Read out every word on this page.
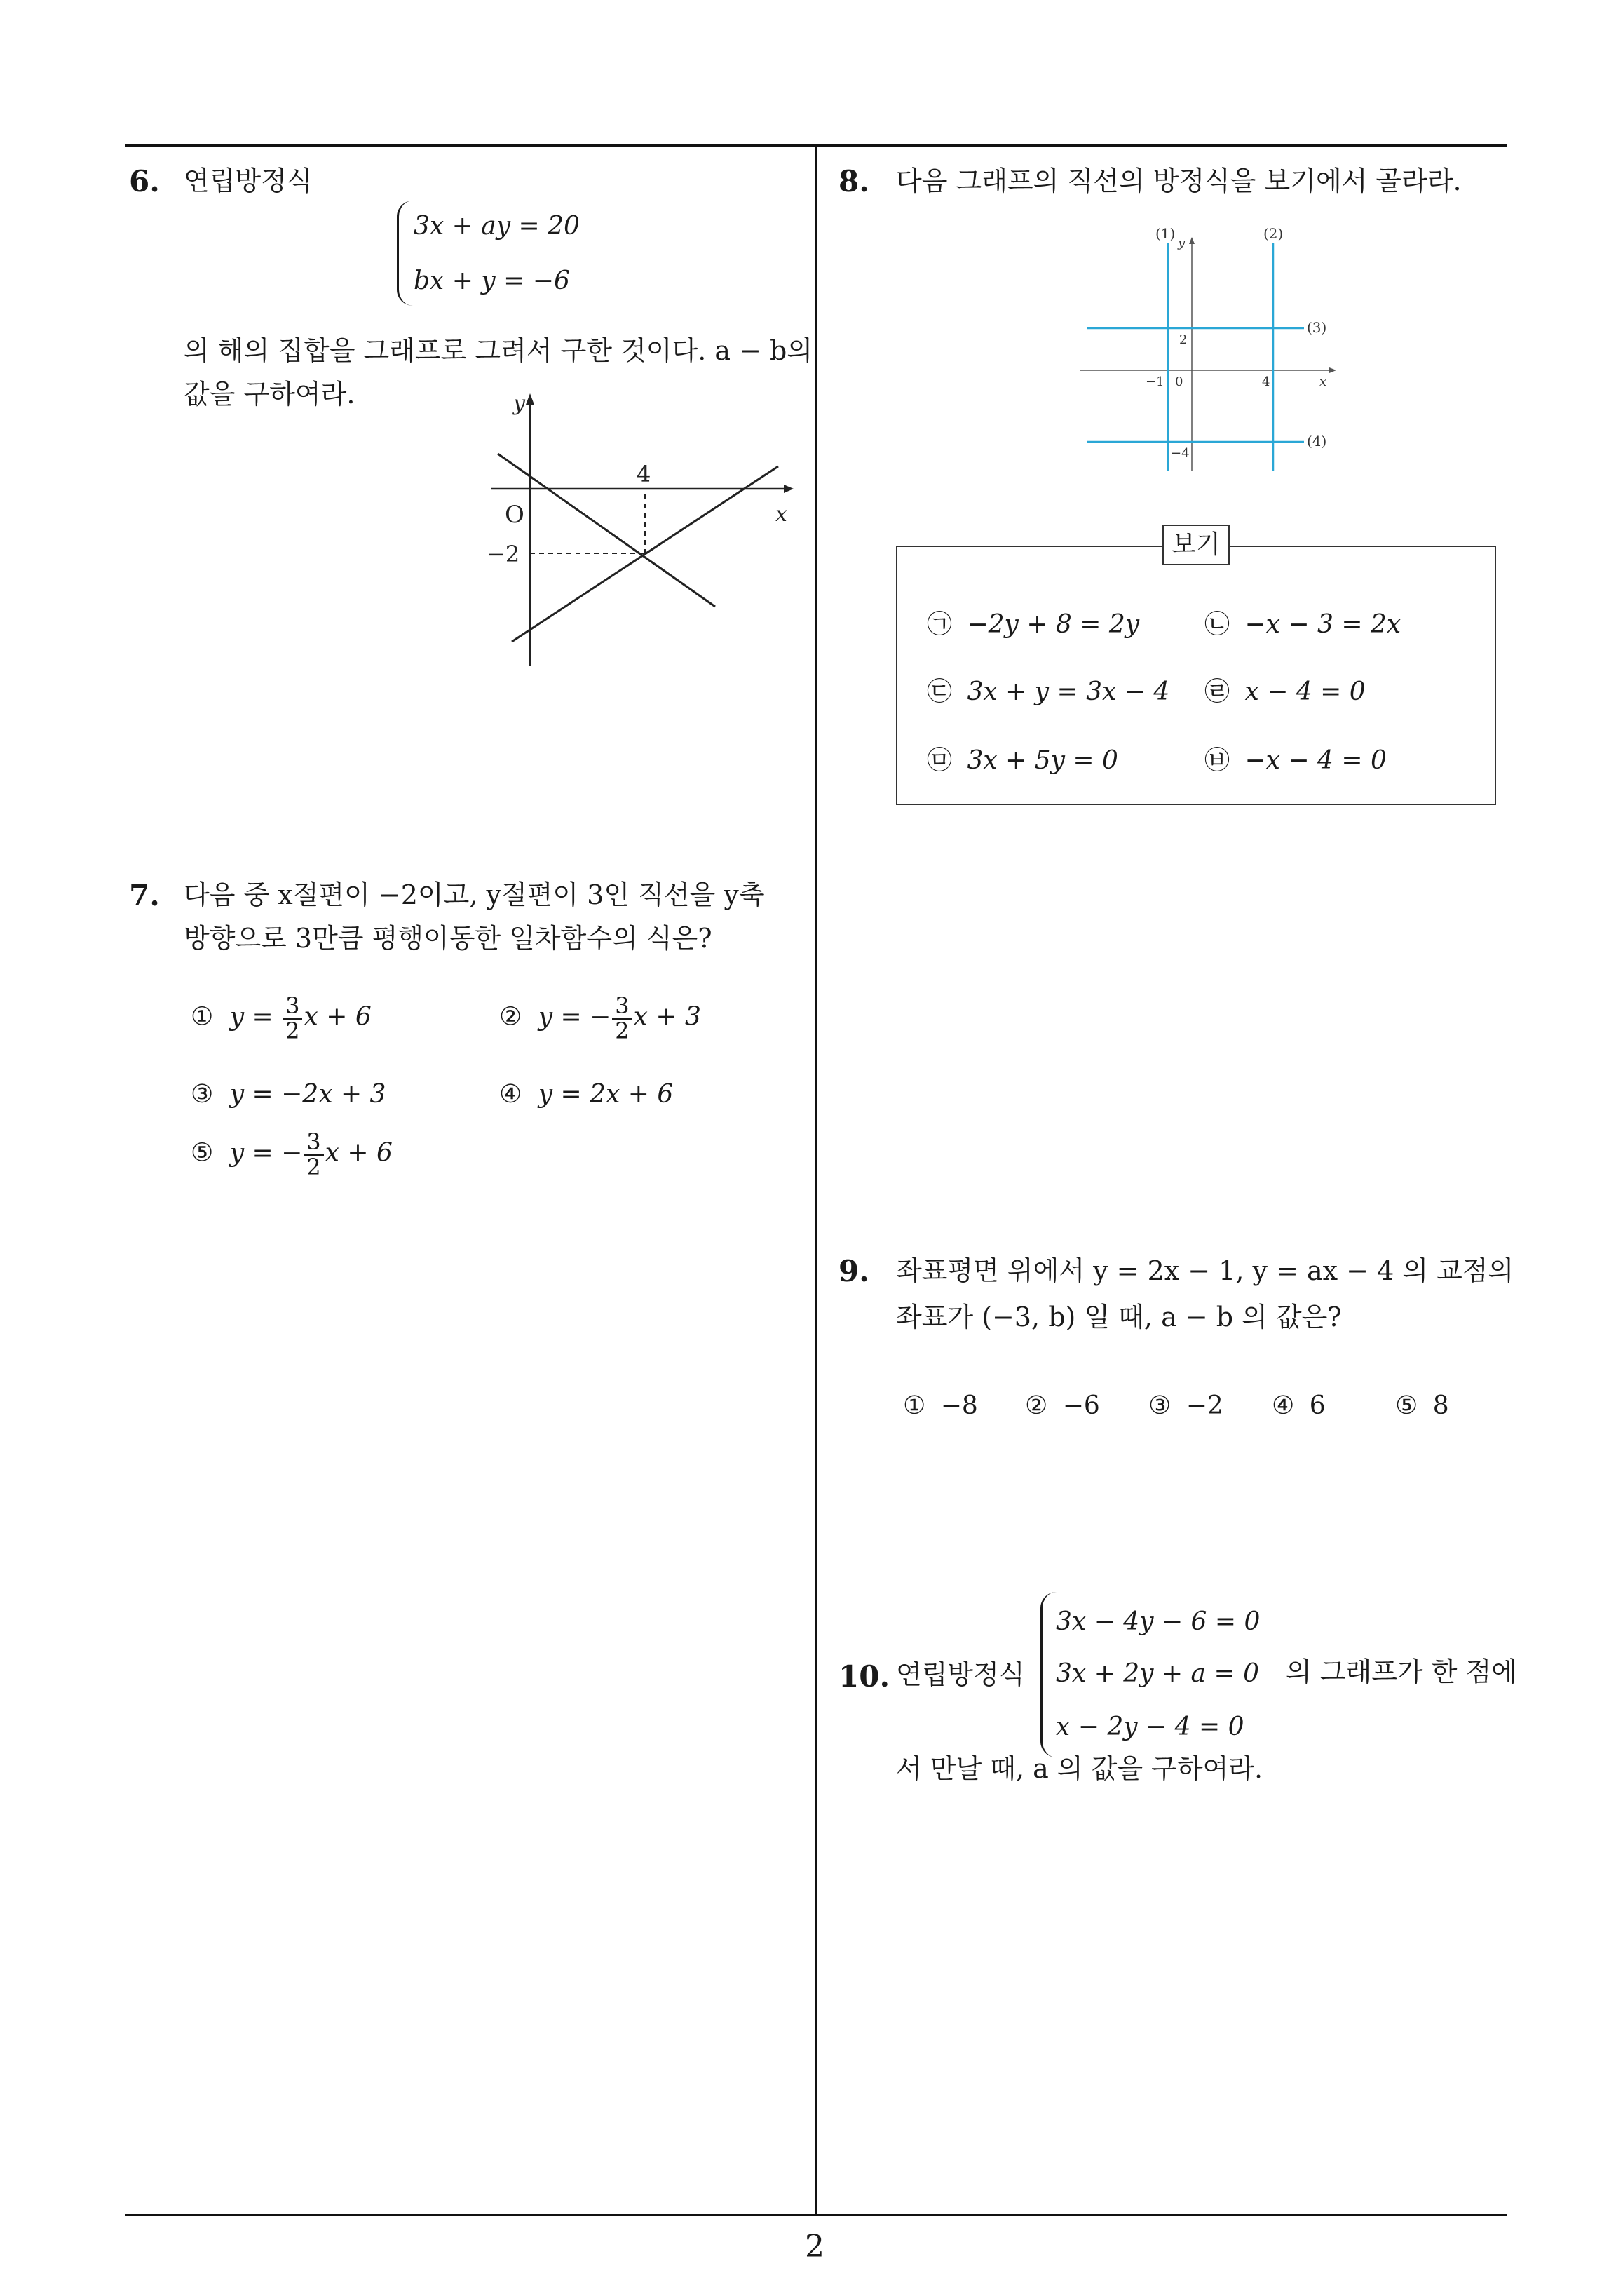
2
6. 연립방정식
3x + ay = 20
bx + y = −6
의 해의 집합을 그래프로 그려서 구한 것이다. a − b의
값을 구하여라.	y
x
O
4
−2
7. 다음 중 x절편이 −2이고, y절편이 3인 직선을 y축
방향으로 3만큼 평행이동한 일차함수의 식은?
① $y = \frac{3}{2}$ x + 6	② y = − $\frac{3}{2}$ x + 3
③ y = −2x + 3	④ y = 2x + 6
⑤ y = − $\frac{3}{2}$ x + 6
8. 다음 그래프의 직선의 방정식을 보기에서 골라라.
(1)
y
(2)
(3)
(4)
2
−1 0	4	x
−4
보기
㉠ −2y + 8 = 2y	㉡ −x − 3 = 2x
㉢ 3x + y = 3x − 4 ㉣ x − 4 = 0
㉤ 3x + 5y = 0	㉥ −x − 4 = 0
9. 좌표평면 위에서 y = 2x − 1, y = ax − 4 의 교점의
좌표가 (−3, b) 일 때, a − b 의 값은?
① −8 ② −6 ③ −2 ④ 6	⑤ 8
10. 연립방정식
3x − 4y − 6 = 0
3x + 2y + a = 0
x − 2y − 4 = 0
의 그래프가 한 점에
서 만날 때, a 의 값을 구하여라.
